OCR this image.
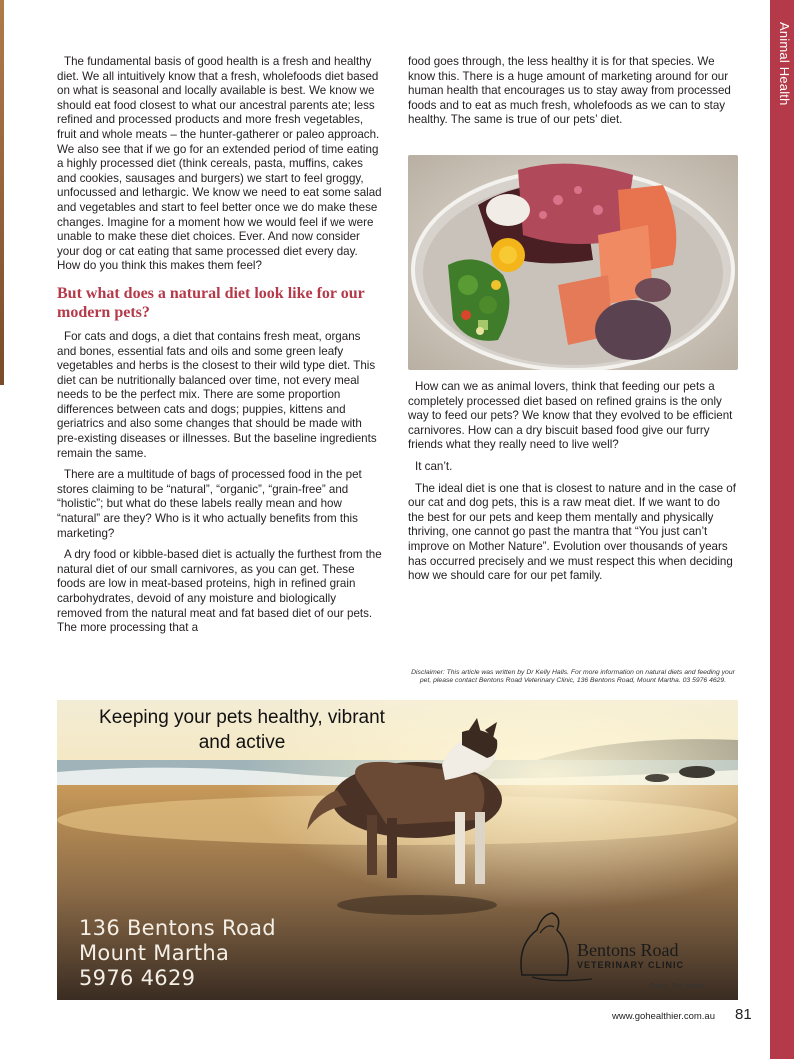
Animal Health

The fundamental basis of good health is a fresh and healthy diet. We all intuitively know that a fresh, wholefoods diet based on what is seasonal and locally available is best. We know we should eat food closest to what our ancestral parents ate; less refined and processed products and more fresh vegetables, fruit and whole meats – the hunter-gatherer or paleo approach. We also see that if we go for an extended period of time eating a highly processed diet (think cereals, pasta, muffins, cakes and cookies, sausages and burgers) we start to feel groggy, unfocussed and lethargic. We know we need to eat some salad and vegetables and start to feel better once we do make these changes. Imagine for a moment how we would feel if we were unable to make these diet choices. Ever. And now consider your dog or cat eating that same processed diet every day. How do you think this makes them feel?

But what does a natural diet look like for our modern pets?

For cats and dogs, a diet that contains fresh meat, organs and bones, essential fats and oils and some green leafy vegetables and herbs is the closest to their wild type diet. This diet can be nutritionally balanced over time, not every meal needs to be the perfect mix. There are some proportion differences between cats and dogs; puppies, kittens and geriatrics and also some changes that should be made with pre-existing diseases or illnesses. But the baseline ingredients remain the same.

There are a multitude of bags of processed food in the pet stores claiming to be “natural”, “organic”, “grain-free” and “holistic”; but what do these labels really mean and how “natural” are they? Who is it who actually benefits from this marketing?

A dry food or kibble-based diet is actually the furthest from the natural diet of our small carnivores, as you can get. These foods are low in meat-based proteins, high in refined grain carbohydrates, devoid of any moisture and biologically removed from the natural meat and fat based diet of our pets. The more processing that a

food goes through, the less healthy it is for that species. We know this. There is a huge amount of marketing around for our human health that encourages us to stay away from processed foods and to eat as much fresh, wholefoods as we can to stay healthy. The same is true of our pets’ diet.

How can we as animal lovers, think that feeding our pets a completely processed diet based on refined grains is the only way to feed our pets? We know that they evolved to be efficient carnivores. How can a dry biscuit based food give our furry friends what they really need to live well?

It can’t.

The ideal diet is one that is closest to nature and in the case of our cat and dog pets, this is a raw meat diet. If we want to do the best for our pets and keep them mentally and physically thriving, one cannot go past the mantra that “You just can’t improve on Mother Nature”. Evolution over thousands of years has occurred precisely and we must respect this when deciding how we should care for our pet family.

Disclaimer: This article was written by Dr Kelly Halls. For more information on natural diets and feeding your pet, please contact Bentons Road Veterinary Clinic, 136 Bentons Road, Mount Martha. 03 5976 4629.
Keeping your pets healthy, vibrant
and active
136 Bentons Road
Mount Martha
5976 4629
Bentons Road
VETERINARY CLINIC
Credit: Tao Jones
www.gohealthier.com.au 81
